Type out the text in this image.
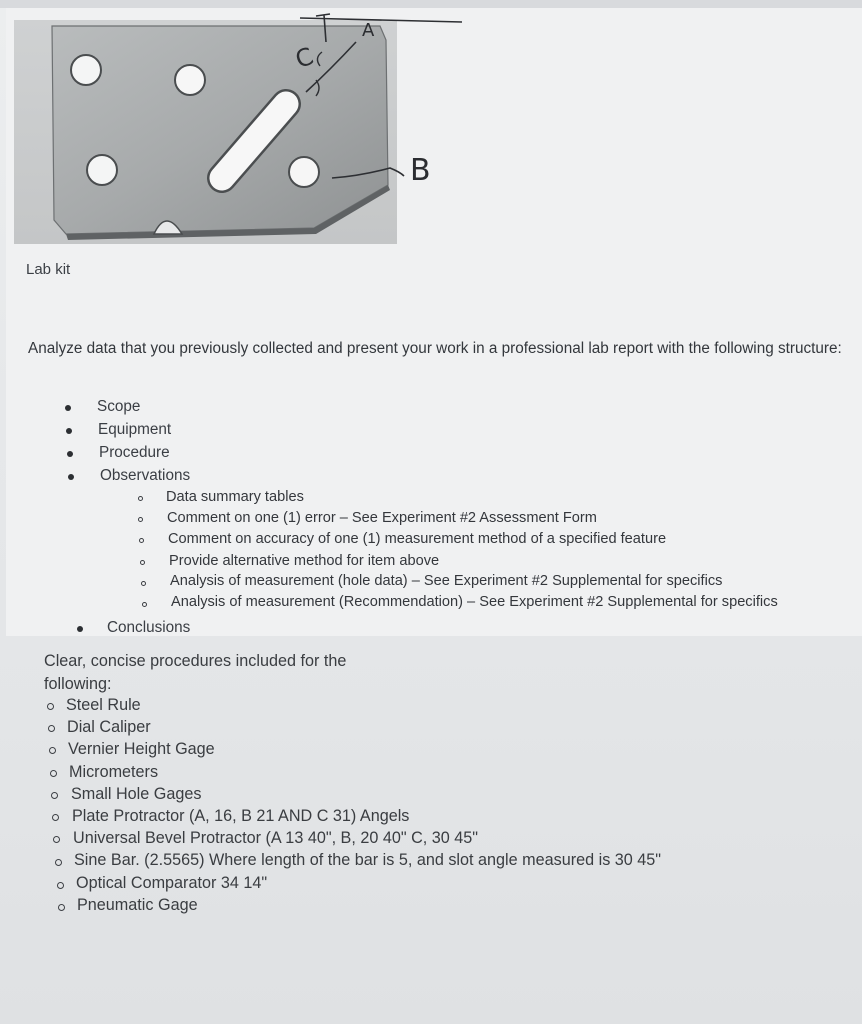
A
B
C
Lab kit
Analyze data that you previously collected and present your work in a professional lab report with the following structure:
Scope
Equipment
Procedure
Observations
Data summary tables
Comment on one (1) error – See Experiment #2 Assessment Form
Comment on accuracy of one (1) measurement method of a specified feature
Provide alternative method for item above
Analysis of measurement (hole data) – See Experiment #2 Supplemental for specifics
Analysis of measurement (Recommendation) – See Experiment #2 Supplemental for specifics
Conclusions
Clear, concise procedures included for the following:
Steel Rule
Dial Caliper
Vernier Height Gage
Micrometers
Small Hole Gages
Plate Protractor (A, 16, B 21 AND C 31) Angels
Universal Bevel Protractor (A 13 40", B, 20 40" C, 30 45"
Sine Bar. (2.5565) Where length of the bar is 5, and slot angle measured is 30 45"
Optical Comparator 34 14"
Pneumatic Gage
